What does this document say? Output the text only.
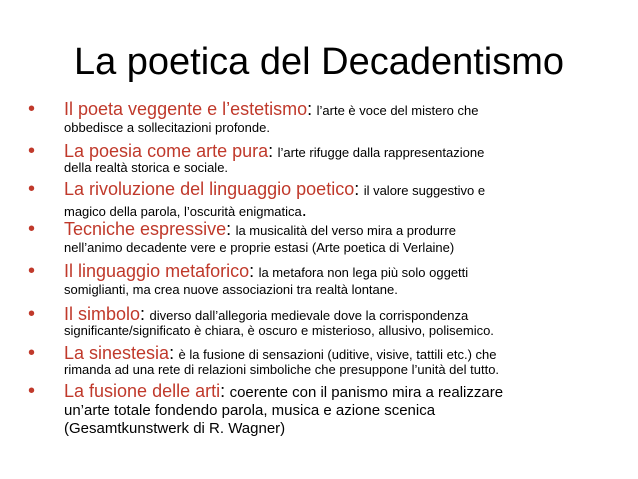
La poetica del Decadentismo
•	Il poeta veggente e l’estetismo: l’arte è voce del mistero che
obbedisce a sollecitazioni profonde.
•	La poesia come arte pura: l’arte rifugge dalla rappresentazione
della realtà storica e sociale.
•	La rivoluzione del linguaggio poetico: il valore suggestivo e
magico della parola, l’oscurità enigmatica.
•	Tecniche espressive: la musicalità del verso mira a produrre
nell’animo decadente vere e proprie estasi (Arte poetica di Verlaine)
•	Il linguaggio metaforico: la metafora non lega più solo oggetti
somiglianti, ma crea nuove associazioni tra realtà lontane.
•	Il simbolo: diverso dall’allegoria medievale dove la corrispondenza
significante/significato è chiara, è oscuro e misterioso, allusivo, polisemico.
•	La sinestesia: è la fusione di sensazioni (uditive, visive, tattili etc.) che
rimanda ad una rete di relazioni simboliche che presuppone l’unità del tutto.
•	La fusione delle arti: coerente con il panismo mira a realizzare
un’arte totale fondendo parola, musica e azione scenica
(Gesamtkunstwerk di R. Wagner)
